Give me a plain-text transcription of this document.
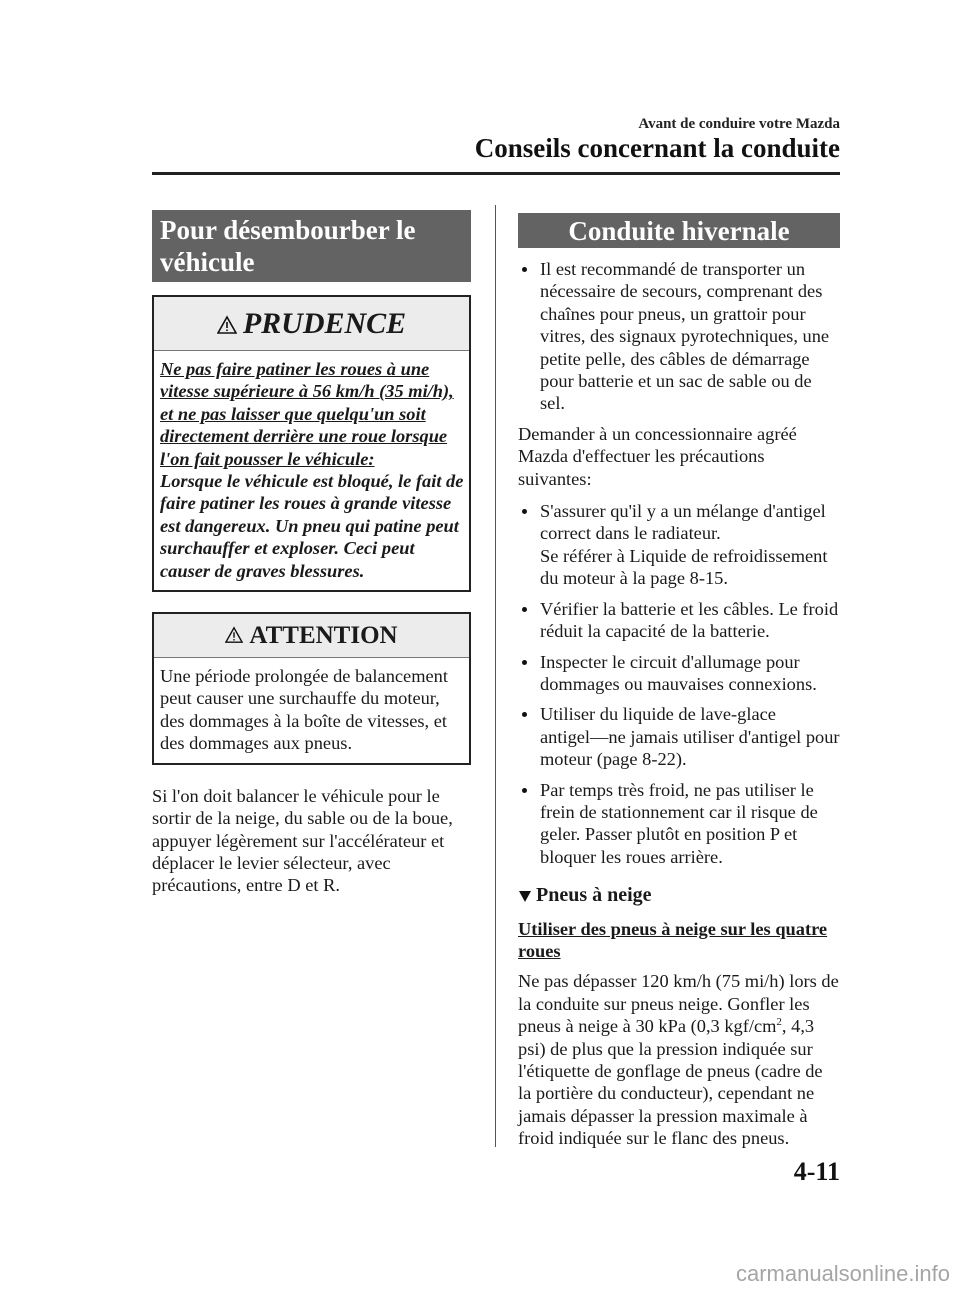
Avant de conduire votre Mazda
Conseils concernant la conduite
Pour désembourber le véhicule
PRUDENCE
Ne pas faire patiner les roues à une vitesse supérieure à 56 km/h (35 mi/h), et ne pas laisser que quelqu'un soit directement derrière une roue lorsque l'on fait pousser le véhicule:
Lorsque le véhicule est bloqué, le fait de faire patiner les roues à grande vitesse est dangereux. Un pneu qui patine peut surchauffer et exploser. Ceci peut causer de graves blessures.
ATTENTION
Une période prolongée de balancement peut causer une surchauffe du moteur, des dommages à la boîte de vitesses, et des dommages aux pneus.

Si l'on doit balancer le véhicule pour le sortir de la neige, du sable ou de la boue, appuyer légèrement sur l'accélérateur et déplacer le levier sélecteur, avec précautions, entre D et R.

Conduite hivernale
Il est recommandé de transporter un nécessaire de secours, comprenant des chaînes pour pneus, un grattoir pour vitres, des signaux pyrotechniques, une petite pelle, des câbles de démarrage pour batterie et un sac de sable ou de sel.

Demander à un concessionnaire agréé Mazda d'effectuer les précautions suivantes:

S'assurer qu'il y a un mélange d'antigel correct dans le radiateur.
Se référer à Liquide de refroidissement du moteur à la page 8-15.
Vérifier la batterie et les câbles. Le froid réduit la capacité de la batterie.
Inspecter le circuit d'allumage pour dommages ou mauvaises connexions.
Utiliser du liquide de lave-glace antigel―ne jamais utiliser d'antigel pour moteur (page 8-22).
Par temps très froid, ne pas utiliser le frein de stationnement car il risque de geler. Passer plutôt en position P et bloquer les roues arrière.
Pneus à neige

Utiliser des pneus à neige sur les quatre roues

Ne pas dépasser 120 km/h (75 mi/h) lors de la conduite sur pneus neige. Gonfler les pneus à neige à 30 kPa (0,3 kgf/$cm^2$, 4,3 psi) de plus que la pression indiquée sur l'étiquette de gonflage de pneus (cadre de la portière du conducteur), cependant ne jamais dépasser la pression maximale à froid indiquée sur le flanc des pneus.

4-11
carmanualsonline.info
